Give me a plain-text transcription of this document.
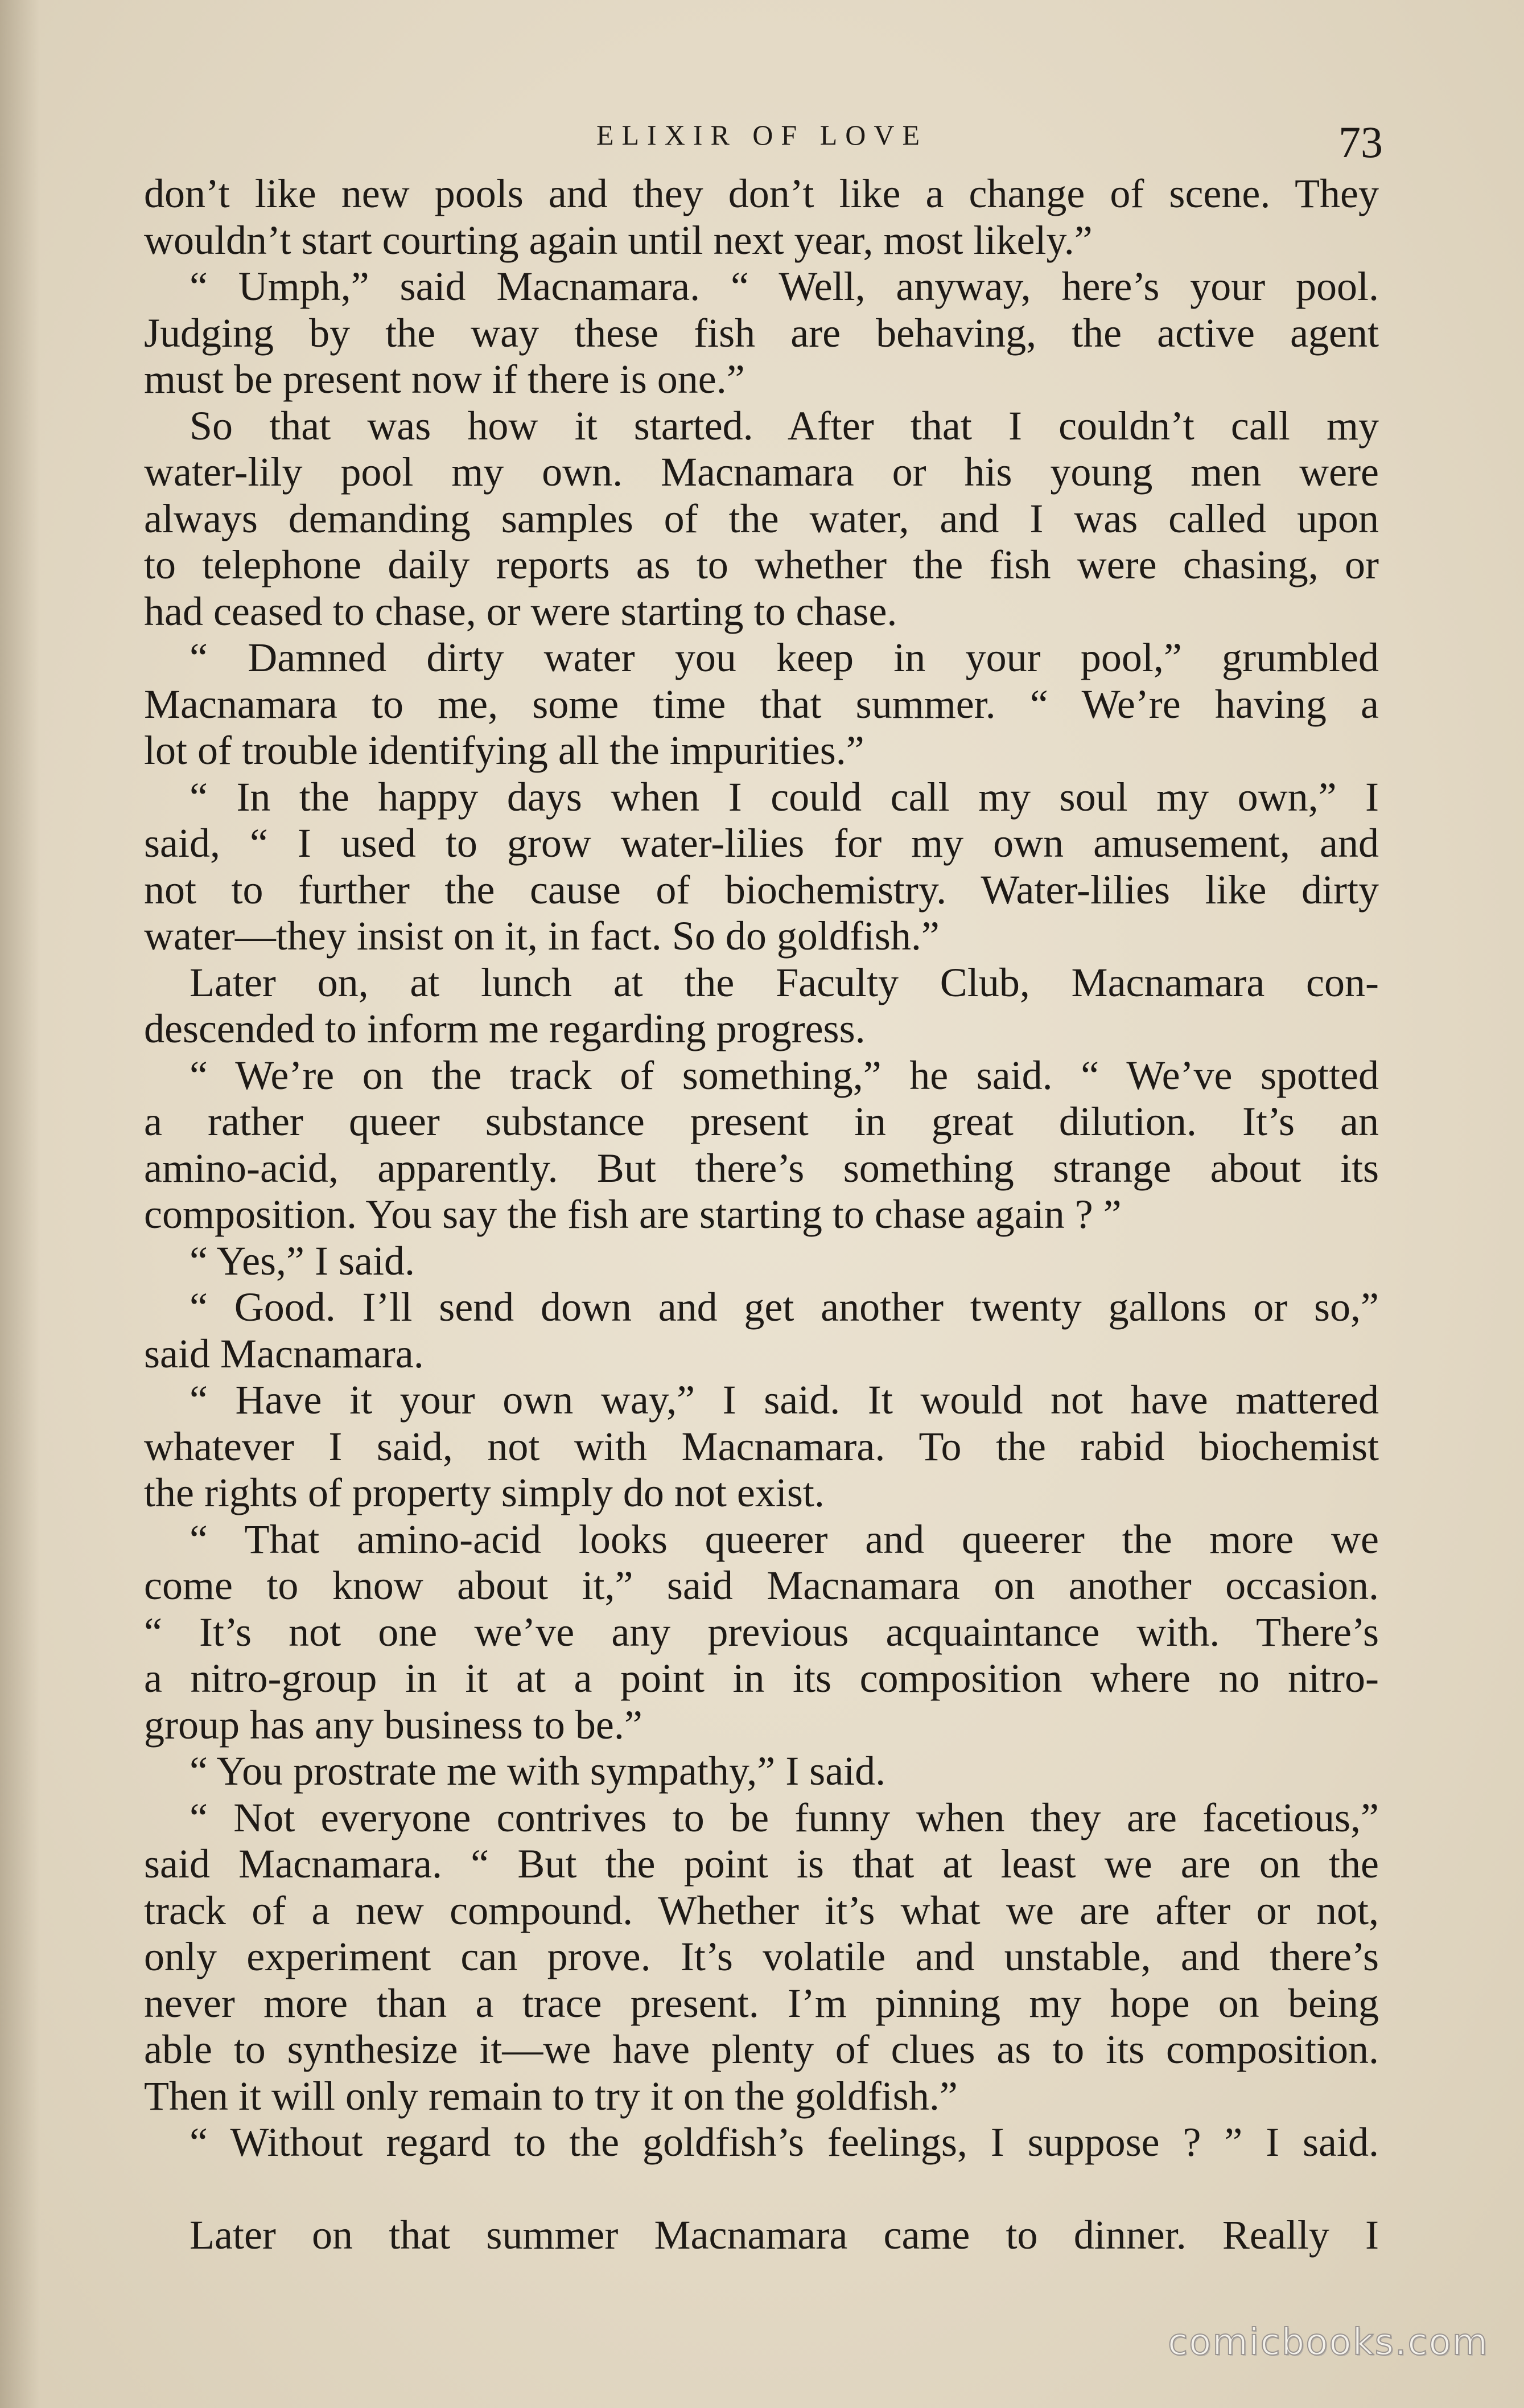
ELIXIR OF LOVE	73
don’t like new pools and they don’t like a change of scene. They
wouldn’t start courting again until next year, most likely.”
“ Umph,” said Macnamara. “ Well, anyway, here’s your pool.
Judging by the way these fish are behaving, the active agent
must be present now if there is one.”
So that was how it started. After that I couldn’t call my
water-lily pool my own. Macnamara or his young men were
always demanding samples of the water, and I was called upon
to telephone daily reports as to whether the fish were chasing, or
had ceased to chase, or were starting to chase.
“ Damned dirty water you keep in your pool,” grumbled
Macnamara to me, some time that summer. “ We’re having a
lot of trouble identifying all the impurities.”
“ In the happy days when I could call my soul my own,” I
said, “ I used to grow water-lilies for my own amusement, and
not to further the cause of biochemistry. Water-lilies like dirty
water—they insist on it, in fact. So do goldfish.”
Later on, at lunch at the Faculty Club, Macnamara con-
descended to inform me regarding progress.
“ We’re on the track of something,” he said. “ We’ve spotted
a rather queer substance present in great dilution. It’s an
amino-acid, apparently. But there’s something strange about its
composition. You say the fish are starting to chase again ? ”
“ Yes,” I said.
“ Good. I’ll send down and get another twenty gallons or so,”
said Macnamara.
“ Have it your own way,” I said. It would not have mattered
whatever I said, not with Macnamara. To the rabid biochemist
the rights of property simply do not exist.
“ That amino-acid looks queerer and queerer the more we
come to know about it,” said Macnamara on another occasion.
“ It’s not one we’ve any previous acquaintance with. There’s
a nitro-group in it at a point in its composition where no nitro-
group has any business to be.”
“ You prostrate me with sympathy,” I said.
“ Not everyone contrives to be funny when they are facetious,”
said Macnamara. “ But the point is that at least we are on the
track of a new compound. Whether it’s what we are after or not,
only experiment can prove. It’s volatile and unstable, and there’s
never more than a trace present. I’m pinning my hope on being
able to synthesize it—we have plenty of clues as to its composition.
Then it will only remain to try it on the goldfish.”
“ Without regard to the goldfish’s feelings, I suppose ? ” I said.
Later on that summer Macnamara came to dinner. Really I
comicbooks.com
